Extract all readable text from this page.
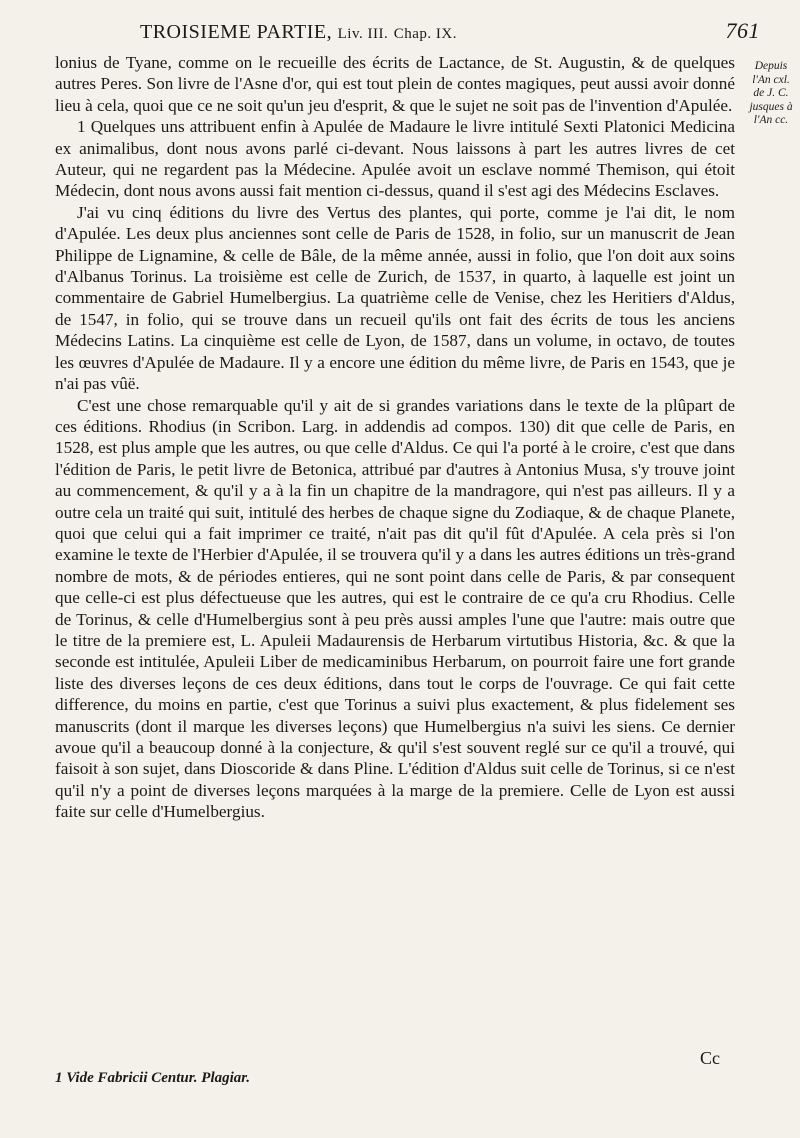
TROISIEME PARTIE, Liv. III. Chap. IX.	761
Depuis l'An cxl. de J. C. jusques à l'An cc.

lonius de Tyane, comme on le recueille des écrits de Lactance, de St. Augustin, & de quelques autres Peres. Son livre de l'Asne d'or, qui est tout plein de contes magiques, peut aussi avoir donné lieu à cela, quoi que ce ne soit qu'un jeu d'esprit, & que le sujet ne soit pas de l'invention d'Apulée.

1 Quelques uns attribuent enfin à Apulée de Madaure le livre intitulé Sexti Platonici Medicina ex animalibus, dont nous avons parlé ci-devant. Nous laissons à part les autres livres de cet Auteur, qui ne regardent pas la Médecine. Apulée avoit un esclave nommé Themison, qui étoit Médecin, dont nous avons aussi fait mention ci-dessus, quand il s'est agi des Médecins Esclaves.

J'ai vu cinq éditions du livre des Vertus des plantes, qui porte, comme je l'ai dit, le nom d'Apulée. Les deux plus anciennes sont celle de Paris de 1528, in folio, sur un manuscrit de Jean Philippe de Lignamine, & celle de Bâle, de la même année, aussi in folio, que l'on doit aux soins d'Albanus Torinus. La troisième est celle de Zurich, de 1537, in quarto, à laquelle est joint un commentaire de Gabriel Humelbergius. La quatrième celle de Venise, chez les Heritiers d'Aldus, de 1547, in folio, qui se trouve dans un recueil qu'ils ont fait des écrits de tous les anciens Médecins Latins. La cinquième est celle de Lyon, de 1587, dans un volume, in octavo, de toutes les œuvres d'Apulée de Madaure. Il y a encore une édition du même livre, de Paris en 1543, que je n'ai pas vûë.

C'est une chose remarquable qu'il y ait de si grandes variations dans le texte de la plûpart de ces éditions. Rhodius (in Scribon. Larg. in addendis ad compos. 130) dit que celle de Paris, en 1528, est plus ample que les autres, ou que celle d'Aldus. Ce qui l'a porté à le croire, c'est que dans l'édition de Paris, le petit livre de Betonica, attribué par d'autres à Antonius Musa, s'y trouve joint au commencement, & qu'il y a à la fin un chapitre de la mandragore, qui n'est pas ailleurs. Il y a outre cela un traité qui suit, intitulé des herbes de chaque signe du Zodiaque, & de chaque Planete, quoi que celui qui a fait imprimer ce traité, n'ait pas dit qu'il fût d'Apulée. A cela près si l'on examine le texte de l'Herbier d'Apulée, il se trouvera qu'il y a dans les autres éditions un très-grand nombre de mots, & de périodes entieres, qui ne sont point dans celle de Paris, & par consequent que celle-ci est plus défectueuse que les autres, qui est le contraire de ce qu'a cru Rhodius. Celle de Torinus, & celle d'Humelbergius sont à peu près aussi amples l'une que l'autre: mais outre que le titre de la premiere est, L. Apuleii Madaurensis de Herbarum virtutibus Historia, &c. & que la seconde est intitulée, Apuleii Liber de medicaminibus Herbarum, on pourroit faire une fort grande liste des diverses leçons de ces deux éditions, dans tout le corps de l'ouvrage. Ce qui fait cette difference, du moins en partie, c'est que Torinus a suivi plus exactement, & plus fidelement ses manuscrits (dont il marque les diverses leçons) que Humelbergius n'a suivi les siens. Ce dernier avoue qu'il a beaucoup donné à la conjecture, & qu'il s'est souvent reglé sur ce qu'il a trouvé, qui faisoit à son sujet, dans Dioscoride & dans Pline. L'édition d'Aldus suit celle de Torinus, si ce n'est qu'il n'y a point de diverses leçons marquées à la marge de la premiere. Celle de Lyon est aussi faite sur celle d'Humelbergius.

Cc
1 Vide Fabricii Centur. Plagiar.
